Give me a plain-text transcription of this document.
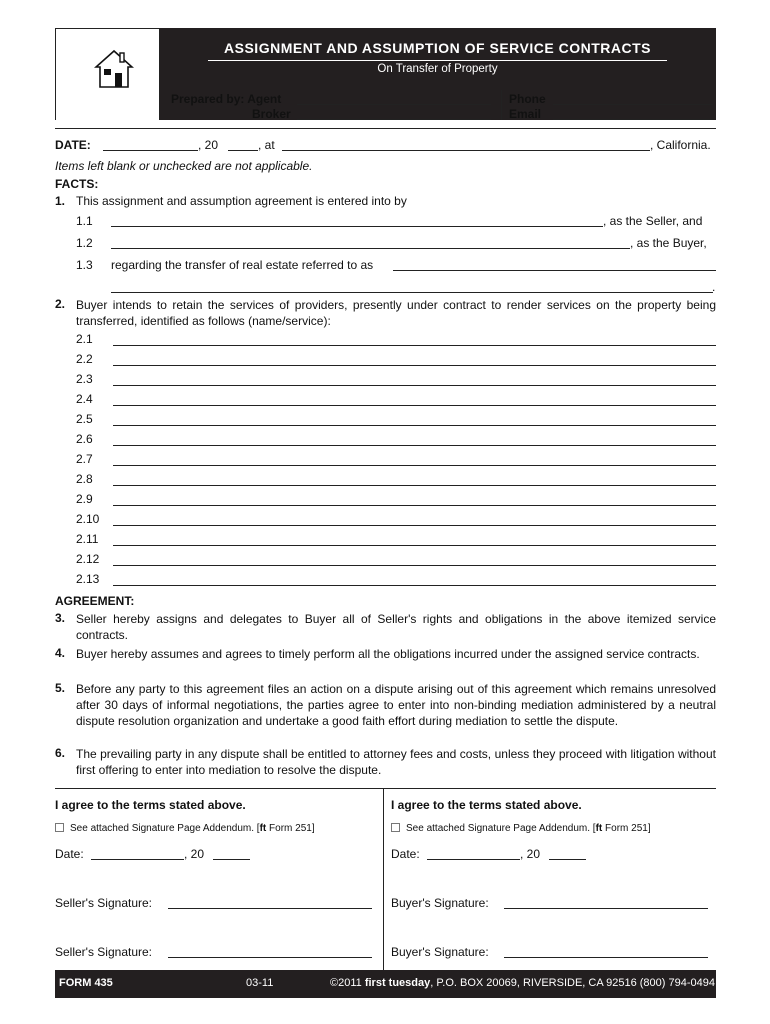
ASSIGNMENT AND ASSUMPTION OF SERVICE CONTRACTS
On Transfer of Property
Prepared by: Agent
Broker
Phone
Email
DATE:	, 20	, at	, California.
Items left blank or unchecked are not applicable.
FACTS:
1. This assignment and assumption agreement is entered into by
1.1	, as the Seller, and
1.2	, as the Buyer,
1.3 regarding the transfer of real estate referred to as
.
2. Buyer intends to retain the services of providers, presently under contract to render services on the property being transferred, identified as follows (name/service):
2.1
2.2
2.3
2.4
2.5
2.6
2.7
2.8
2.9
2.10
2.11
2.12
2.13
AGREEMENT:
3. Seller hereby assigns and delegates to Buyer all of Seller's rights and obligations in the above itemized service contracts.
4. Buyer hereby assumes and agrees to timely perform all the obligations incurred under the assigned service contracts.
5. Before any party to this agreement files an action on a dispute arising out of this agreement which remains unresolved after 30 days of informal negotiations, the parties agree to enter into non-binding mediation administered by a neutral dispute resolution organization and undertake a good faith effort during mediation to settle the dispute.
6. The prevailing party in any dispute shall be entitled to attorney fees and costs, unless they proceed with litigation without first offering to enter into mediation to resolve the dispute.
I agree to the terms stated above.
See attached Signature Page Addendum. [ft Form 251]
Date:	, 20
Seller's Signature:
Seller's Signature:
I agree to the terms stated above.
See attached Signature Page Addendum. [ft Form 251]
Date:	, 20
Buyer's Signature:
Buyer's Signature:
FORM 435	03-11	©2011 first tuesday, P.O. BOX 20069, RIVERSIDE, CA 92516 (800) 794-0494
